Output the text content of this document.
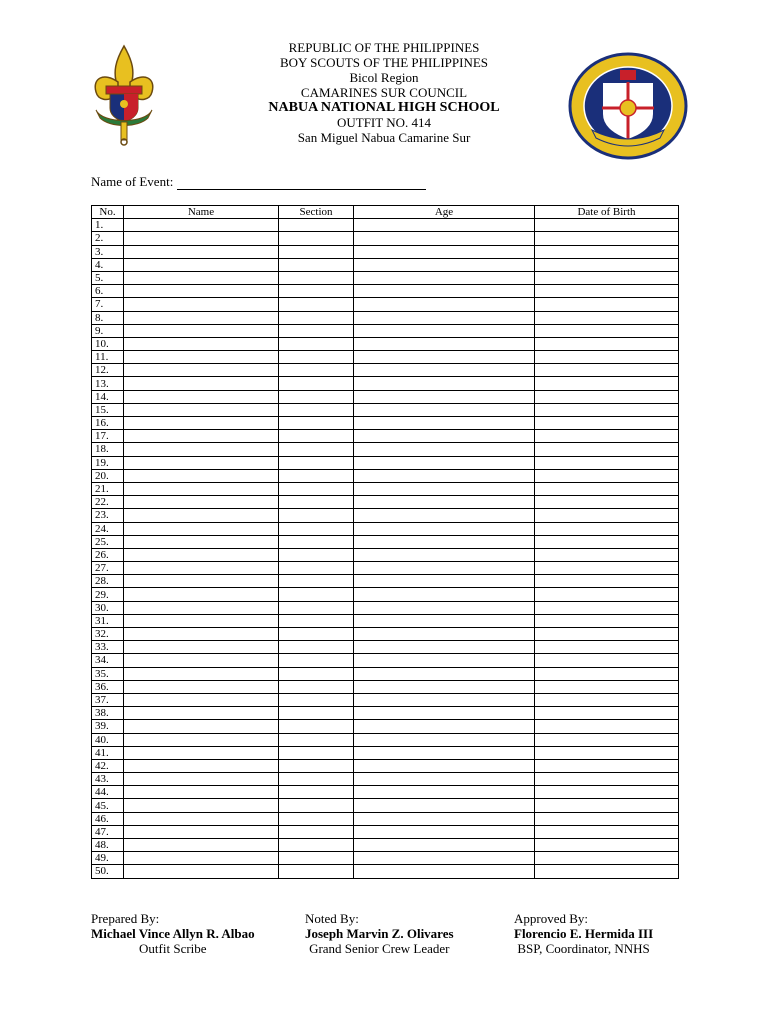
REPUBLIC OF THE PHILIPPINES
BOY SCOUTS OF THE PHILIPPINES
Bicol Region
CAMARINES SUR COUNCIL
NABUA NATIONAL HIGH SCHOOL
OUTFIT NO. 414
San Miguel Nabua Camarine Sur
Name of Event:
No.	Name	Section	Age	Date of Birth
1.				
2.				
3.				
4.				
5.				
6.				
7.				
8.				
9.				
10.				
11.				
12.				
13.				
14.				
15.				
16.				
17.				
18.				
19.				
20.				
21.				
22.				
23.				
24.				
25.				
26.				
27.				
28.				
29.				
30.				
31.				
32.				
33.				
34.				
35.				
36.				
37.				
38.				
39.				
40.				
41.				
42.				
43.				
44.				
45.				
46.				
47.				
48.				
49.				
50.				
Prepared By:
Michael Vince Allyn R. Albao
Outfit Scribe
Noted By:
Joseph Marvin Z. Olivares
Grand Senior Crew Leader
Approved By:
Florencio E. Hermida III
BSP, Coordinator, NNHS
